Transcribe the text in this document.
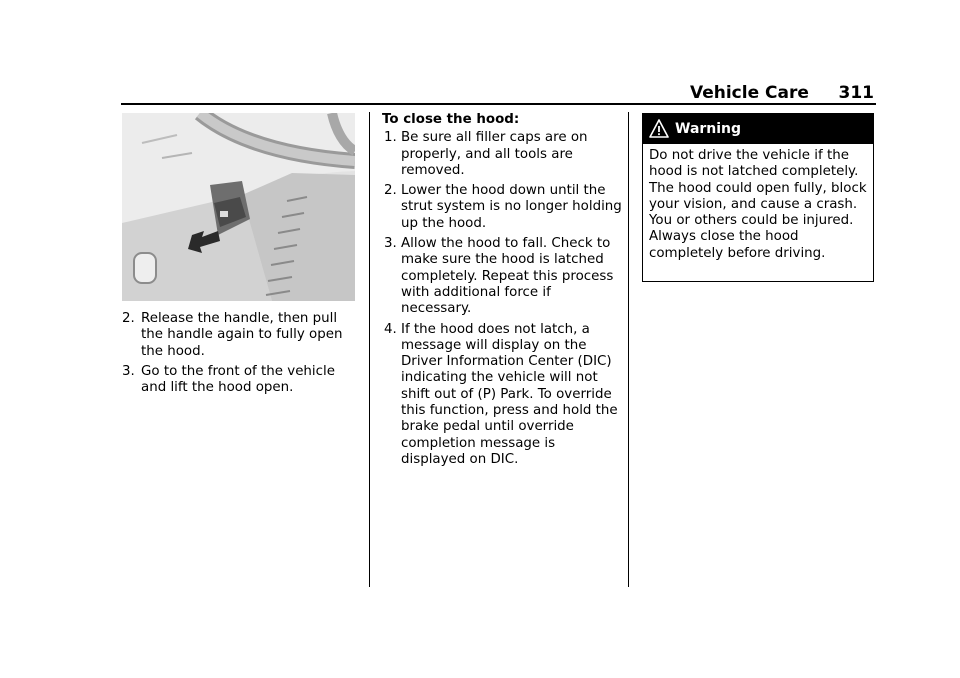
Vehicle Care 311
2. Release the handle, then pull the handle again to fully open the hood.
3. Go to the front of the vehicle and lift the hood open.
To close the hood:
1. Be sure all filler caps are on properly, and all tools are removed.
2. Lower the hood down until the strut system is no longer holding up the hood.
3. Allow the hood to fall. Check to make sure the hood is latched completely. Repeat this process with additional force if necessary.
4. If the hood does not latch, a message will display on the Driver Information Center (DIC) indicating the vehicle will not shift out of (P) Park. To override this function, press and hold the brake pedal until override completion message is displayed on DIC.
Warning
Do not drive the vehicle if the hood is not latched completely. The hood could open fully, block your vision, and cause a crash. You or others could be injured. Always close the hood completely before driving.
